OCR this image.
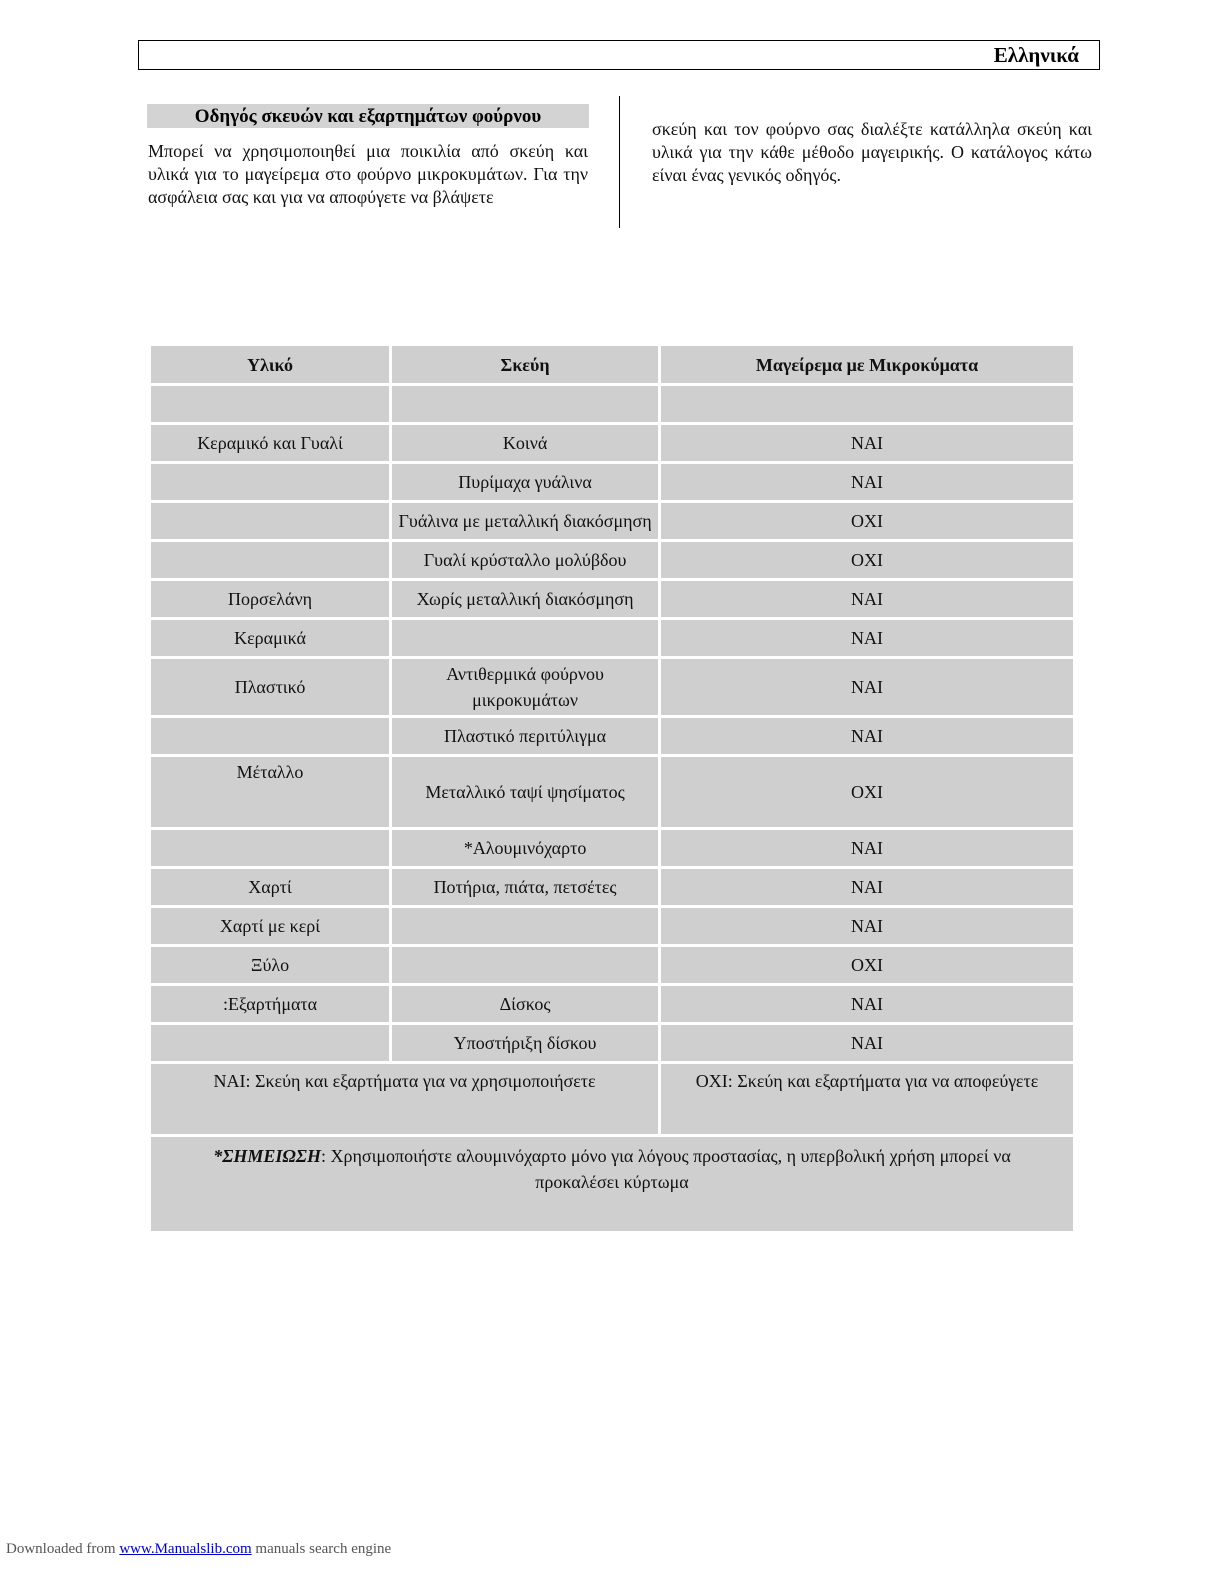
Ελληνικά
Οδηγός σκευών και εξαρτημάτων φούρνου
Μπορεί να χρησιμοποιηθεί μια ποικιλία από σκεύη και υλικά για το μαγείρεμα στο φούρνο μικροκυμάτων. Για την ασφάλεια σας και για να αποφύγετε να βλάψετε
σκεύη και τον φούρνο σας διαλέξτε κατάλληλα σκεύη και υλικά για την κάθε μέθοδο μαγειρικής. Ο κατάλογος κάτω είναι ένας γενικός οδηγός.
Υλικό	Σκεύη	Μαγείρεμα με Μικροκύματα

Κεραμικό και Γυαλί	Κοινά	ΝΑΙ
	Πυρίμαχα γυάλινα	ΝΑΙ
	Γυάλινα με μεταλλική διακόσμηση	ΟΧΙ
	Γυαλί κρύσταλλο μολύβδου	ΟΧΙ
Πορσελάνη	Χωρίς μεταλλική διακόσμηση	ΝΑΙ
Κεραμικά		ΝΑΙ
Πλαστικό	Αντιθερμικά φούρνου μικροκυμάτων	ΝΑΙ
	Πλαστικό περιτύλιγμα	ΝΑΙ
Μέταλλο	Μεταλλικό ταψί ψησίματος	ΟΧΙ
	*Αλουμινόχαρτο	ΝΑΙ
Χαρτί	Ποτήρια, πιάτα, πετσέτες	ΝΑΙ
Χαρτί με κερί		ΝΑΙ
Ξύλο		ΟΧΙ
:Εξαρτήματα	Δίσκος	ΝΑΙ
	Υποστήριξη δίσκου	ΝΑΙ
ΝΑΙ: Σκεύη και εξαρτήματα για να χρησιμοποιήσετε		ΟΧΙ: Σκεύη και εξαρτήματα για να αποφεύγετε
*ΣΗΜΕΙΩΣΗ: Χρησιμοποιήστε αλουμινόχαρτο μόνο για λόγους προστασίας, η υπερβολική χρήση μπορεί να προκαλέσει κύρτωμα		
Downloaded from www.Manualslib.com manuals search engine
